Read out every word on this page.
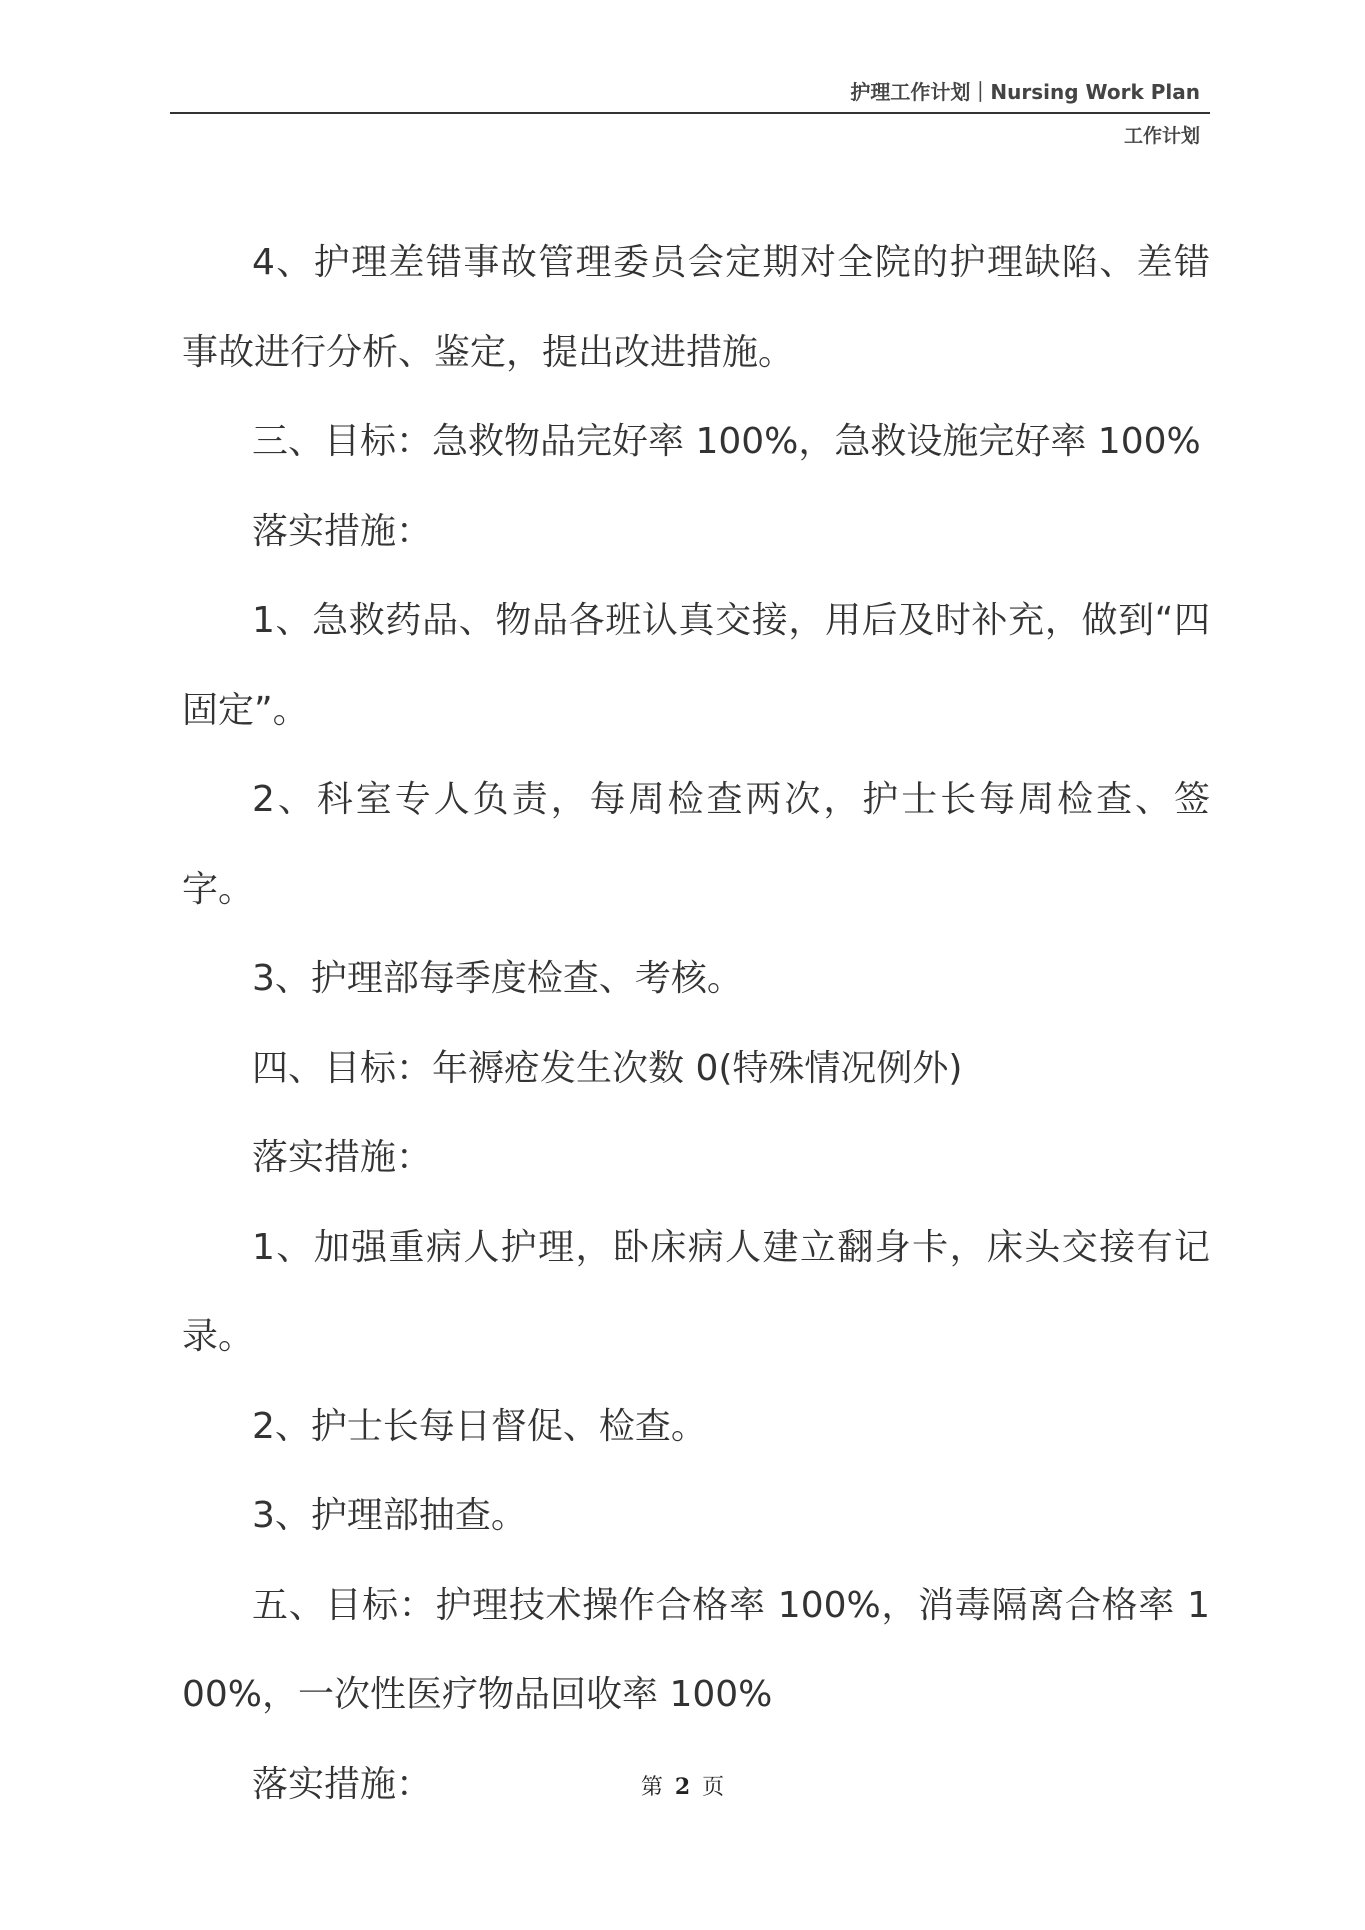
护理工作计划｜Nursing Work Plan
工作计划

4、护理差错事故管理委员会定期对全院的护理缺陷、差错事故进行分析、鉴定，提出改进措施。

三、目标：急救物品完好率 100%，急救设施完好率 100%

落实措施：

1、急救药品、物品各班认真交接，用后及时补充，做到“四固定”。

2、科室专人负责，每周检查两次，护士长每周检查、签字。

3、护理部每季度检查、考核。

四、目标：年褥疮发生次数 0(特殊情况例外)

落实措施：

1、加强重病人护理，卧床病人建立翻身卡，床头交接有记录。

2、护士长每日督促、检查。

3、护理部抽查。

五、目标：护理技术操作合格率 100%，消毒隔离合格率 100%，一次性医疗物品回收率 100%

落实措施：	第 2 页
